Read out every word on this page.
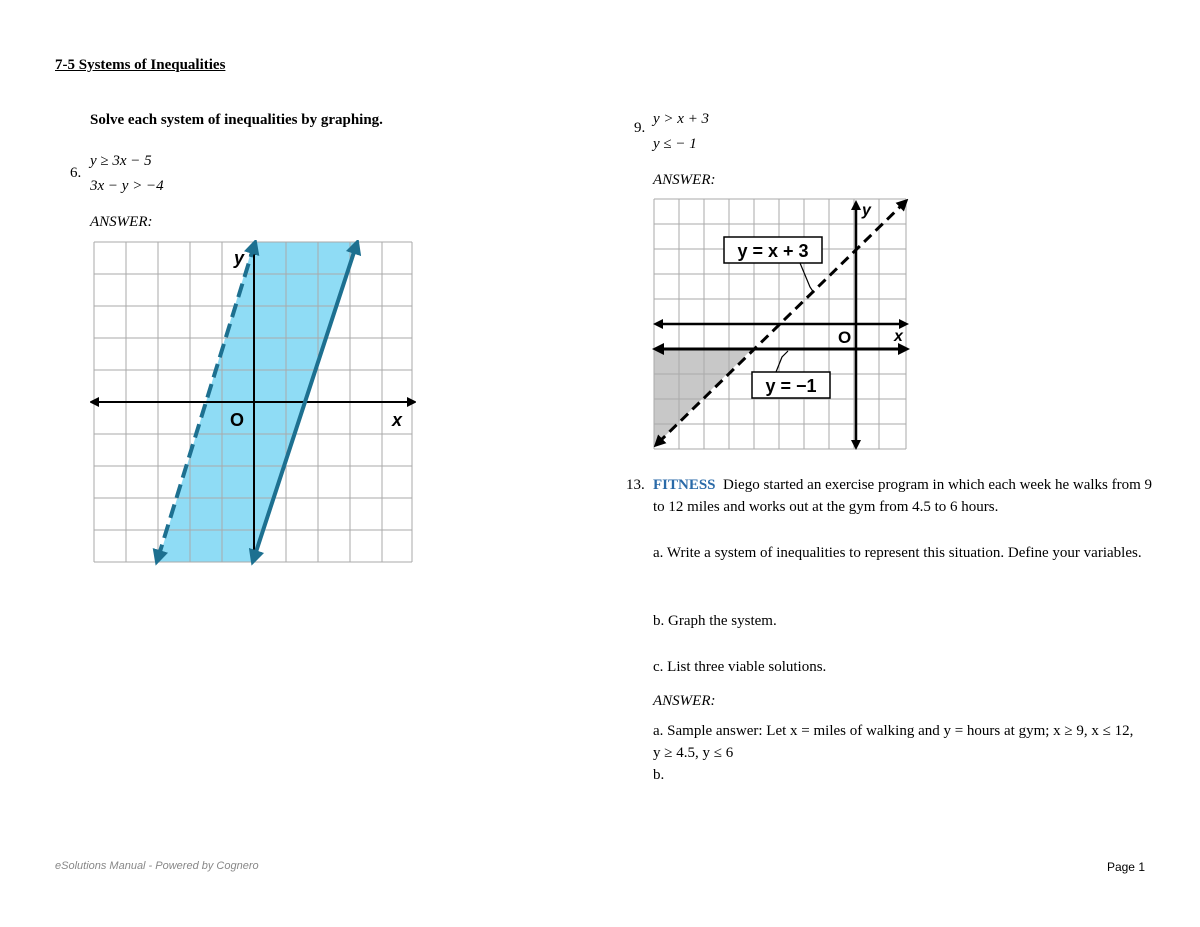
7-5 Systems of Inequalities
Solve each system of inequalities by graphing.
6.
y ≥ 3x − 5
3x − y > −4
ANSWER:
y
x
O
9.
y > x + 3
y ≤ − 1
ANSWER:
y = x + 3
y = −1
y
x
O
13. FITNESS Diego started an exercise program in which each week he walks from 9 to 12 miles and works out at the gym from 4.5 to 6 hours.
a. Write a system of inequalities to represent this situation. Define your variables.
b. Graph the system.
c. List three viable solutions.
ANSWER:
a. Sample answer: Let x = miles of walking and y = hours at gym; x ≥ 9, x ≤ 12, y ≥ 4.5, y ≤ 6
b.
eSolutions Manual - Powered by Cognero	Page 1
